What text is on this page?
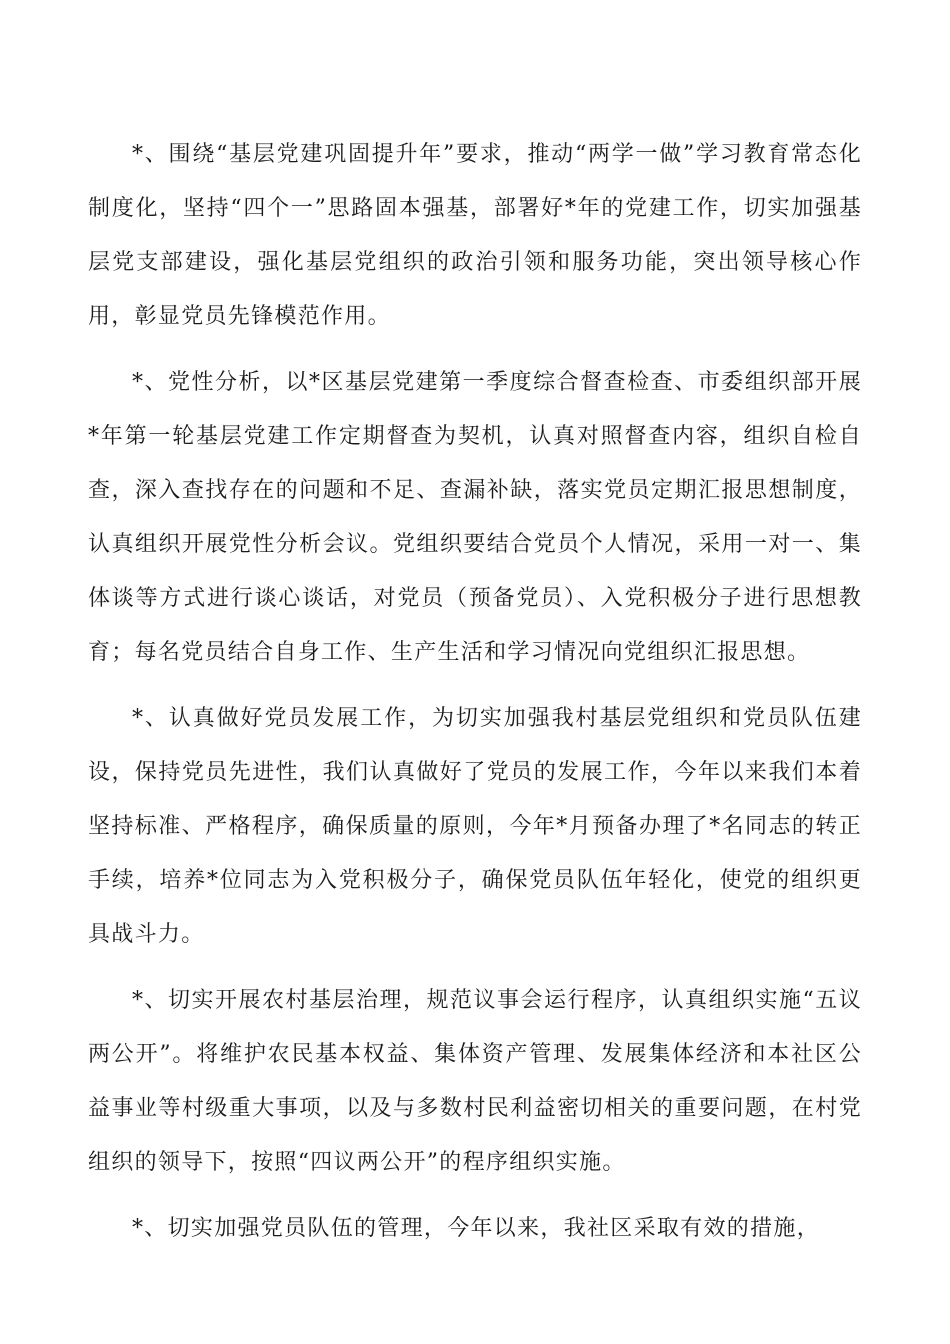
*、围绕“基层党建巩固提升年”要求，推动“两学一做”学习教育常态化制度化，坚持“四个一”思路固本强基，部署好*年的党建工作，切实加强基层党支部建设，强化基层党组织的政治引领和服务功能，突出领导核心作用，彰显党员先锋模范作用。

*、党性分析，以*区基层党建第一季度综合督查检查、市委组织部开展*年第一轮基层党建工作定期督查为契机，认真对照督查内容，组织自检自查，深入查找存在的问题和不足、查漏补缺，落实党员定期汇报思想制度，认真组织开展党性分析会议。党组织要结合党员个人情况，采用一对一、集体谈等方式进行谈心谈话，对党员（预备党员）、入党积极分子进行思想教育；每名党员结合自身工作、生产生活和学习情况向党组织汇报思想。

*、认真做好党员发展工作，为切实加强我村基层党组织和党员队伍建设，保持党员先进性，我们认真做好了党员的发展工作，今年以来我们本着坚持标准、严格程序，确保质量的原则，今年*月预备办理了*名同志的转正手续，培养*位同志为入党积极分子，确保党员队伍年轻化，使党的组织更具战斗力。

*、切实开展农村基层治理，规范议事会运行程序，认真组织实施“五议两公开”。将维护农民基本权益、集体资产管理、发展集体经济和本社区公益事业等村级重大事项，以及与多数村民利益密切相关的重要问题，在村党组织的领导下，按照“四议两公开”的程序组织实施。

*、切实加强党员队伍的管理，今年以来，我社区采取有效的措施，
